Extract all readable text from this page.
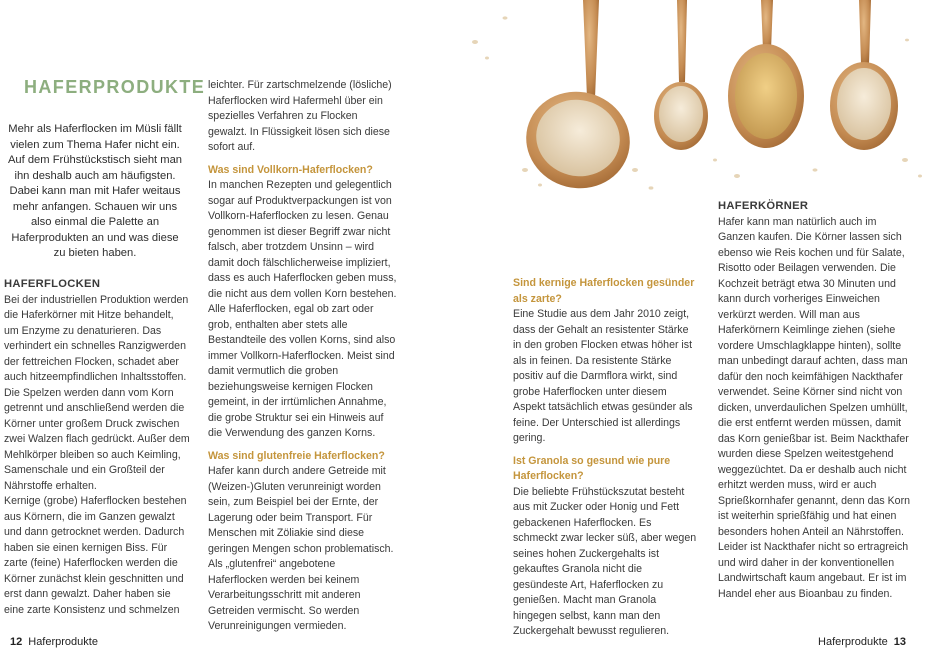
HAFERPRODUKTE

Mehr als Haferflocken im Müsli fällt vielen zum Thema Hafer nicht ein. Auf dem Frühstückstisch sieht man ihn deshalb auch am häufigsten. Dabei kann man mit Hafer weitaus mehr anfangen. Schauen wir uns also einmal die Palette an Haferprodukten an und was diese zu bieten haben.

HAFERFLOCKEN

Bei der industriellen Produktion werden die Haferkörner mit Hitze behandelt, um Enzyme zu denaturieren. Das verhindert ein schnelles Ranzigwerden der fettreichen Flocken, schadet aber auch hitzeempfindlichen Inhaltsstoffen. Die Spelzen werden dann vom Korn getrennt und anschließend werden die Körner unter großem Druck zwischen zwei Walzen flach gedrückt. Außer dem Mehlkörper bleiben so auch Keimling, Samenschale und ein Großteil der Nährstoffe erhalten.

Kernige (grobe) Haferflocken bestehen aus Körnern, die im Ganzen gewalzt und dann getrocknet werden. Dadurch haben sie einen kernigen Biss. Für zarte (feine) Haferflocken werden die Körner zunächst klein geschnitten und erst dann gewalzt. Daher haben sie eine zarte Konsistenz und schmelzen

leichter. Für zartschmelzende (lösliche) Haferflocken wird Hafermehl über ein spezielles Verfahren zu Flocken gewalzt. In Flüssigkeit lösen sich diese sofort auf.

Was sind Vollkorn-Haferflocken?

In manchen Rezepten und gelegentlich sogar auf Produktverpackungen ist von Vollkorn-Haferflocken zu lesen. Genau genommen ist dieser Begriff zwar nicht falsch, aber trotzdem Unsinn – wird damit doch fälschlicherweise impliziert, dass es auch Haferflocken geben muss, die nicht aus dem vollen Korn bestehen. Alle Haferflocken, egal ob zart oder grob, enthalten aber stets alle Bestandteile des vollen Korns, sind also immer Vollkorn-Haferflocken. Meist sind damit vermutlich die groben beziehungsweise kernigen Flocken gemeint, in der irrtümlichen Annahme, die grobe Struktur sei ein Hinweis auf die Verwendung des ganzen Korns.

Was sind glutenfreie Haferflocken?

Hafer kann durch andere Getreide mit (Weizen-)Gluten verunreinigt worden sein, zum Beispiel bei der Ernte, der Lagerung oder beim Transport. Für Menschen mit Zöliakie sind diese geringen Mengen schon problematisch. Als „glutenfrei“ angebotene Haferflocken werden bei keinem Verarbeitungsschritt mit anderen Getreiden vermischt. So werden Verunreinigungen vermieden.

12 Haferprodukte

Sind kernige Haferflocken gesünder als zarte?

Eine Studie aus dem Jahr 2010 zeigt, dass der Gehalt an resistenter Stärke in den groben Flocken etwas höher ist als in feinen. Da resistente Stärke positiv auf die Darmflora wirkt, sind grobe Haferflocken unter diesem Aspekt tatsächlich etwas gesünder als feine. Der Unterschied ist allerdings gering.

Ist Granola so gesund wie pure Haferflocken?

Die beliebte Frühstückszutat besteht aus mit Zucker oder Honig und Fett gebackenen Haferflocken. Es schmeckt zwar lecker süß, aber wegen seines hohen Zuckergehalts ist gekauftes Granola nicht die gesündeste Art, Haferflocken zu genießen. Macht man Granola hingegen selbst, kann man den Zuckergehalt bewusst regulieren.

HAFERKÖRNER

Hafer kann man natürlich auch im Ganzen kaufen. Die Körner lassen sich ebenso wie Reis kochen und für Salate, Risotto oder Beilagen verwenden. Die Kochzeit beträgt etwa 30 Minuten und kann durch vorheriges Einweichen verkürzt werden. Will man aus Haferkörnern Keimlinge ziehen (siehe vordere Umschlagklappe hinten), sollte man unbedingt darauf achten, dass man dafür den noch keimfähigen Nackthafer verwendet. Seine Körner sind nicht von dicken, unverdaulichen Spelzen umhüllt, die erst entfernt werden müssen, damit das Korn genießbar ist. Beim Nackthafer wurden diese Spelzen weitestgehend weggezüchtet. Da er deshalb auch nicht erhitzt werden muss, wird er auch Sprießkornhafer genannt, denn das Korn ist weiterhin sprießfähig und hat einen besonders hohen Anteil an Nährstoffen. Leider ist Nackthafer nicht so ertragreich und wird daher in der konventionellen Landwirtschaft kaum angebaut. Er ist im Handel eher aus Bioanbau zu finden.

Haferprodukte 13
